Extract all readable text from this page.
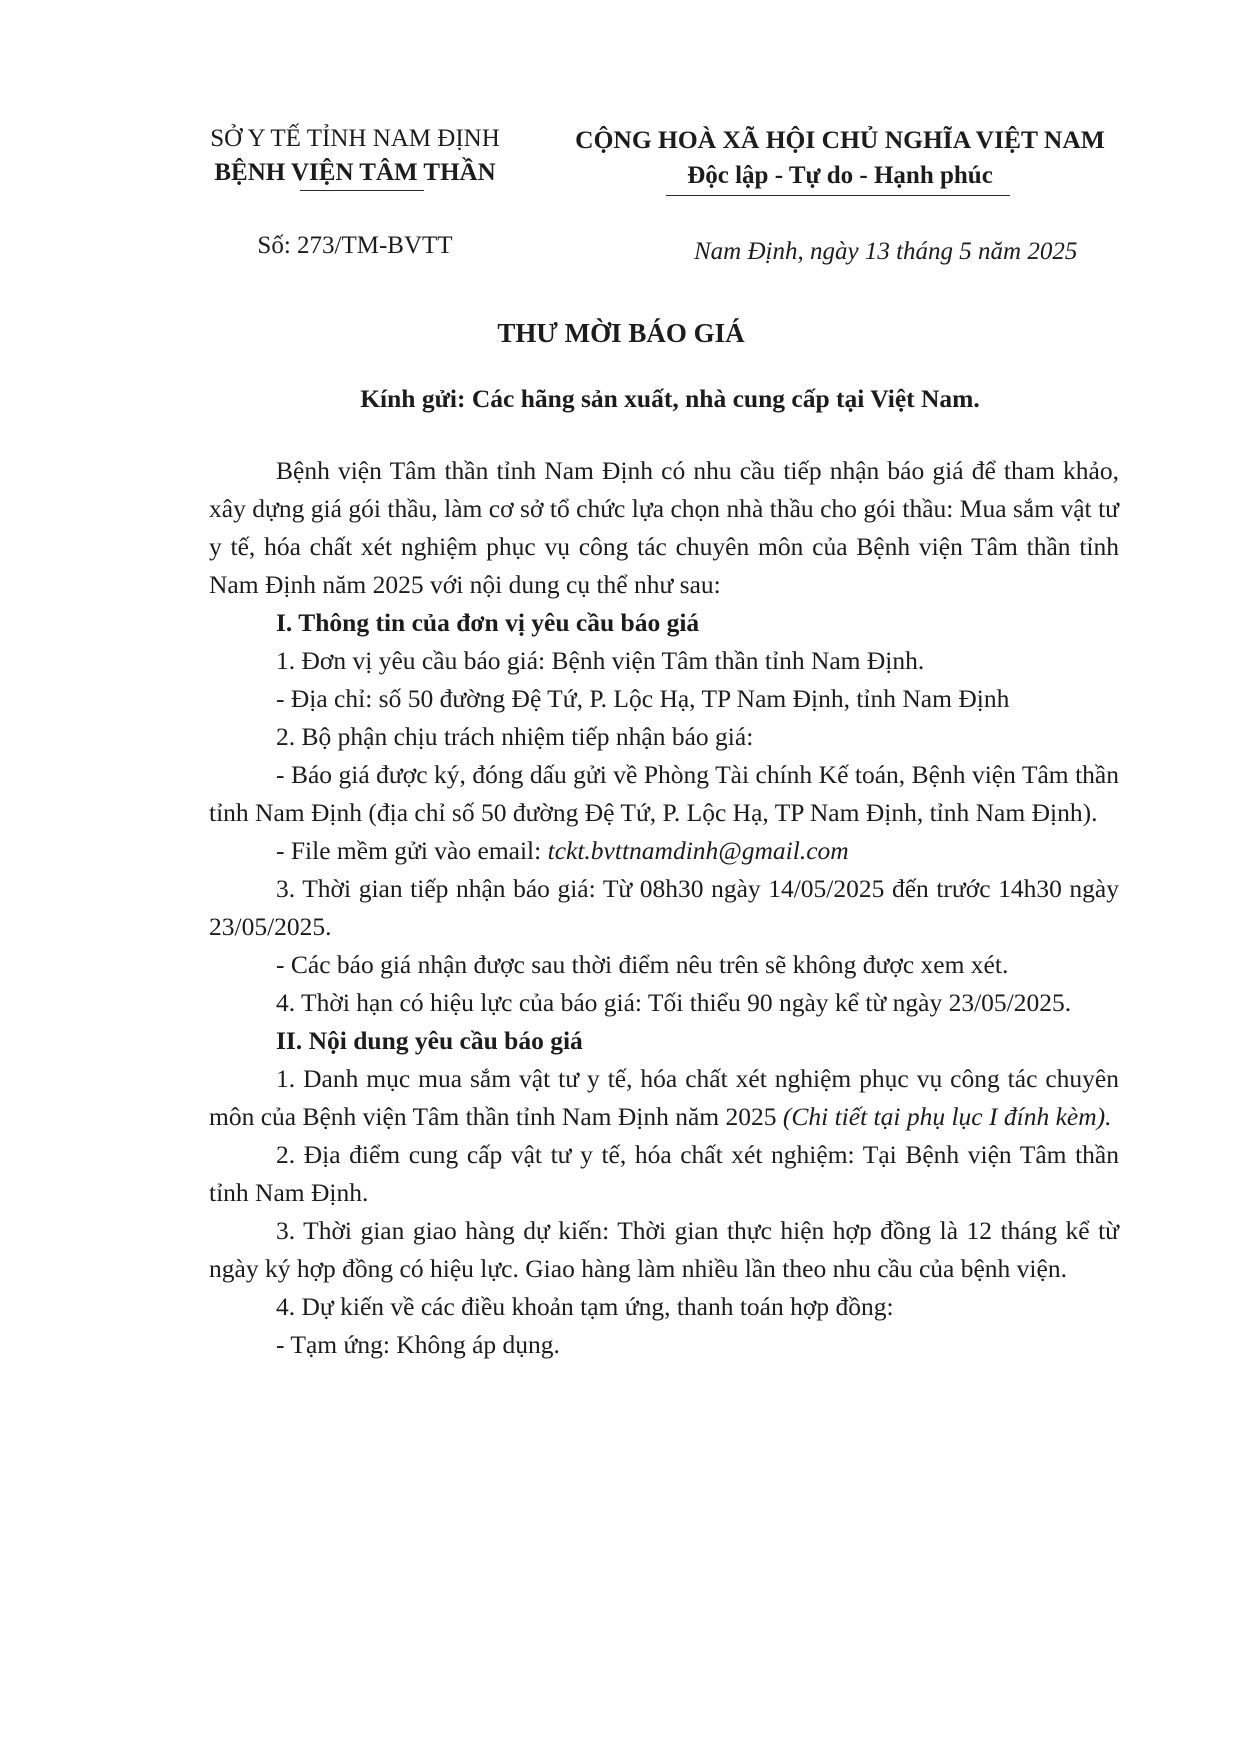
SỞ Y TẾ TỈNH NAM ĐỊNH
BỆNH VIỆN TÂM THẦN
CỘNG HOÀ XÃ HỘI CHỦ NGHĨA VIỆT NAM
Độc lập - Tự do - Hạnh phúc
Số: 273/TM-BVTT	Nam Định, ngày 13 tháng 5 năm 2025
THƯ MỜI BÁO GIÁ
Kính gửi: Các hãng sản xuất, nhà cung cấp tại Việt Nam.

Bệnh viện Tâm thần tỉnh Nam Định có nhu cầu tiếp nhận báo giá để tham khảo, xây dựng giá gói thầu, làm cơ sở tổ chức lựa chọn nhà thầu cho gói thầu: Mua sắm vật tư y tế, hóa chất xét nghiệm phục vụ công tác chuyên môn của Bệnh viện Tâm thần tỉnh Nam Định năm 2025 với nội dung cụ thể như sau:

I. Thông tin của đơn vị yêu cầu báo giá

1. Đơn vị yêu cầu báo giá: Bệnh viện Tâm thần tỉnh Nam Định.

- Địa chỉ: số 50 đường Đệ Tứ, P. Lộc Hạ, TP Nam Định, tỉnh Nam Định

2. Bộ phận chịu trách nhiệm tiếp nhận báo giá:

- Báo giá được ký, đóng dấu gửi về Phòng Tài chính Kế toán, Bệnh viện Tâm thần tỉnh Nam Định (địa chỉ số 50 đường Đệ Tứ, P. Lộc Hạ, TP Nam Định, tỉnh Nam Định).

- File mềm gửi vào email: tckt.bvttnamdinh@gmail.com

3. Thời gian tiếp nhận báo giá: Từ 08h30 ngày 14/05/2025 đến trước 14h30 ngày 23/05/2025.

- Các báo giá nhận được sau thời điểm nêu trên sẽ không được xem xét.

4. Thời hạn có hiệu lực của báo giá: Tối thiểu 90 ngày kể từ ngày 23/05/2025.

II. Nội dung yêu cầu báo giá

1. Danh mục mua sắm vật tư y tế, hóa chất xét nghiệm phục vụ công tác chuyên môn của Bệnh viện Tâm thần tỉnh Nam Định năm 2025 (Chi tiết tại phụ lục I đính kèm).

2. Địa điểm cung cấp vật tư y tế, hóa chất xét nghiệm: Tại Bệnh viện Tâm thần tỉnh Nam Định.

3. Thời gian giao hàng dự kiến: Thời gian thực hiện hợp đồng là 12 tháng kể từ ngày ký hợp đồng có hiệu lực. Giao hàng làm nhiều lần theo nhu cầu của bệnh viện.

4. Dự kiến về các điều khoản tạm ứng, thanh toán hợp đồng:

- Tạm ứng: Không áp dụng.
